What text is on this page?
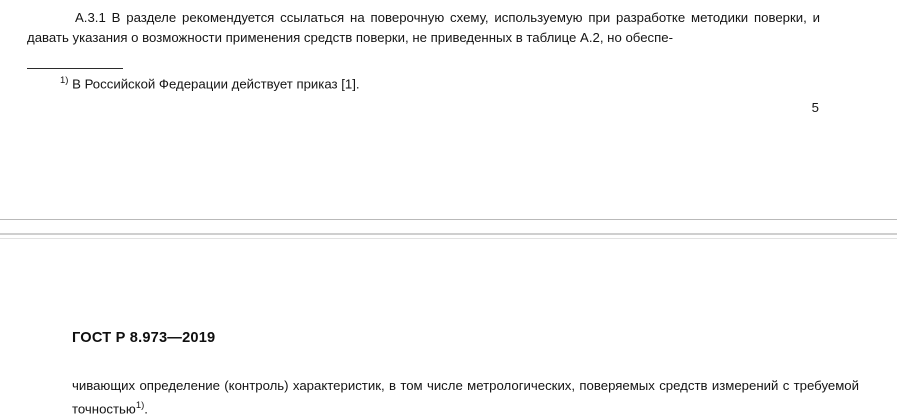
А.3.1 В разделе рекомендуется ссылаться на поверочную схему, используемую при разработке методики поверки, и давать указания о возможности применения средств поверки, не приведенных в таблице А.2, но обеспе-
$^{1)}$ В Российской Федерации действует приказ [1].
5
ГОСТ Р 8.973—2019
чивающих определение (контроль) характеристик, в том числе метрологических, поверяемых средств измерений с требуемой точностью$^{1)}$.
